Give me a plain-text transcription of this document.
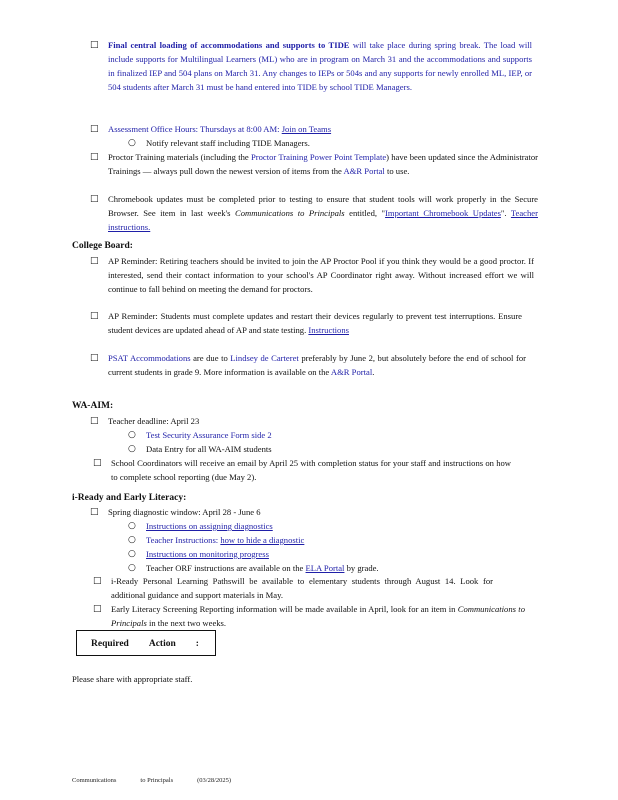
□ Final central loading of accommodations and supports to TIDE will take place during spring break. The load will include supports for Multilingual Learners (ML) who are in program on March 31 and the accommodations and supports in finalized IEP and 504 plans on March 31. Any changes to IEPs or 504s and any supports for newly enrolled ML, IEP, or 504 students after March 31 must be hand entered into TIDE by school TIDE Managers.
□ Assessment Office Hours: Thursdays at 8:00 AM: Join on Teams
○ Notify relevant staff including TIDE Managers.
□ Proctor Training materials (including the Proctor Training Power Point Template) have been updated since the Administrator Trainings — always pull down the newest version of items from the A&R Portal to use.
□ Chromebook updates must be completed prior to testing to ensure that student tools will work properly in the Secure Browser. See item in last week's Communications to Principals entitled, "Important Chromebook Updates". Teacher instructions.
College Board:
□ AP Reminder: Retiring teachers should be invited to join the AP Proctor Pool if you think they would be a good proctor. If interested, send their contact information to your school's AP Coordinator right away. Without increased effort we will continue to fall behind on meeting the demand for proctors.
□ AP Reminder: Students must complete updates and restart their devices regularly to prevent test interruptions. Ensure student devices are updated ahead of AP and state testing. Instructions
□ PSAT Accommodations are due to Lindsey de Carteret preferably by June 2, but absolutely before the end of school for current students in grade 9. More information is available on the A&R Portal.
WA-AIM:
□ Teacher deadline: April 23
○ Test Security Assurance Form side 2
○ Data Entry for all WA-AIM students
□ School Coordinators will receive an email by April 25 with completion status for your staff and instructions on how to complete school reporting (due May 2).
i-Ready and Early Literacy:
□ Spring diagnostic window: April 28 - June 6
○ Instructions on assigning diagnostics
○ Teacher Instructions: how to hide a diagnostic
○ Instructions on monitoring progress
○ Teacher ORF instructions are available on the ELA Portal by grade.
□ i-Ready Personal Learning Pathswill be available to elementary students through August 14. Look for additional guidance and support materials in May.
□ Early Literacy Screening Reporting information will be made available in April, look for an item in Communications to Principals in the next two weeks.
Required Action :
Please share with appropriate staff.
Communications	to Principals	(03/28/2025)
